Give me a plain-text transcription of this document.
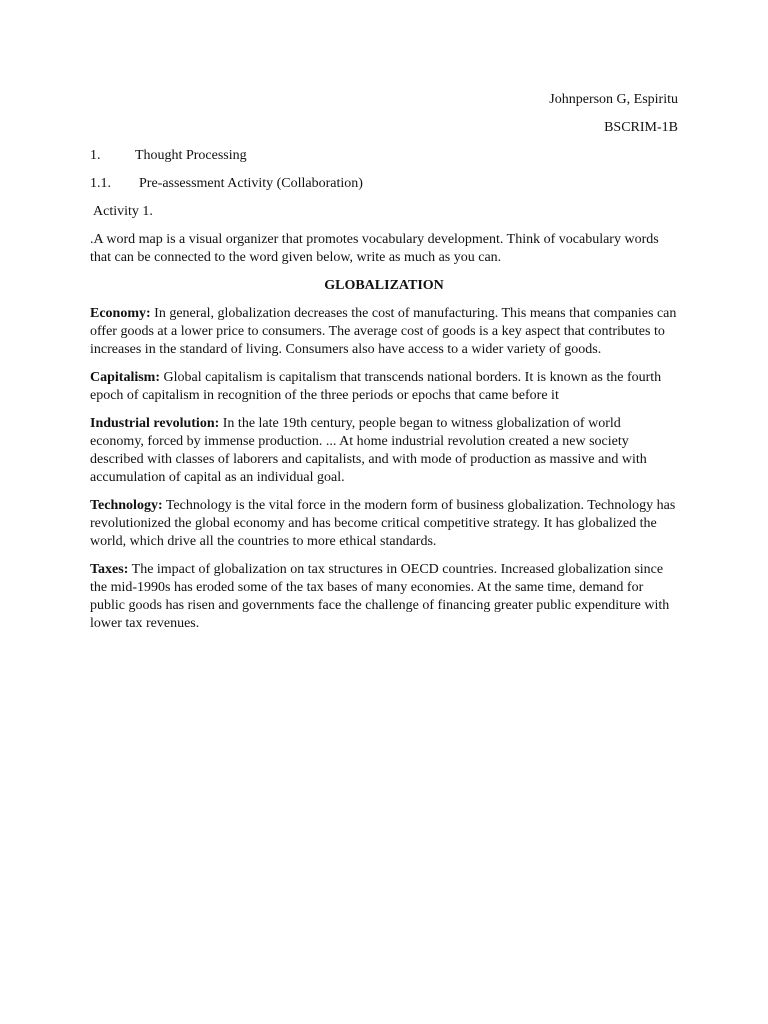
Johnperson G, Espiritu
BSCRIM-1B
1. Thought Processing
1.1. Pre-assessment Activity (Collaboration)
Activity 1.

.A word map is a visual organizer that promotes vocabulary development. Think of vocabulary words that can be connected to the word given below, write as much as you can.

GLOBALIZATION

Economy: In general, globalization decreases the cost of manufacturing. This means that companies can offer goods at a lower price to consumers. The average cost of goods is a key aspect that contributes to increases in the standard of living. Consumers also have access to a wider variety of goods.

Capitalism: Global capitalism is capitalism that transcends national borders. It is known as the fourth epoch of capitalism in recognition of the three periods or epochs that came before it

Industrial revolution: In the late 19th century, people began to witness globalization of world economy, forced by immense production. ... At home industrial revolution created a new society described with classes of laborers and capitalists, and with mode of production as massive and with accumulation of capital as an individual goal.

Technology: Technology is the vital force in the modern form of business globalization. Technology has revolutionized the global economy and has become critical competitive strategy. It has globalized the world, which drive all the countries to more ethical standards.

Taxes: The impact of globalization on tax structures in OECD countries. Increased globalization since the mid-1990s has eroded some of the tax bases of many economies. At the same time, demand for public goods has risen and governments face the challenge of financing greater public expenditure with lower tax revenues.
